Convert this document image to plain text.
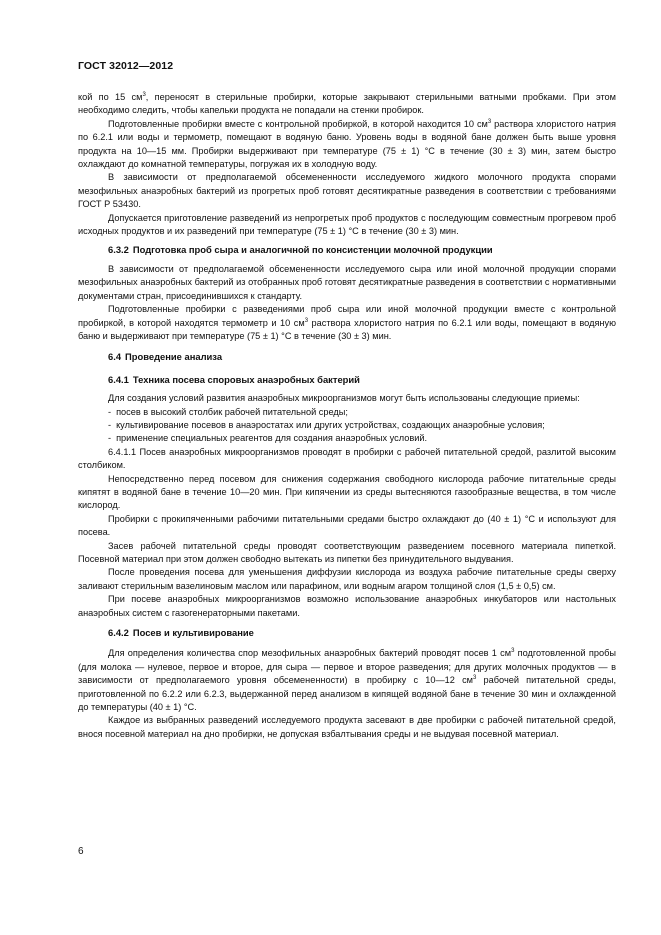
ГОСТ 32012—2012

кой по 15 $см^3$, переносят в стерильные пробирки, которые закрывают стерильными ватными пробками. При этом необходимо следить, чтобы капельки продукта не попадали на стенки пробирок.

Подготовленные пробирки вместе с контрольной пробиркой, в которой находится 10 $см^3$ раствора хлористого натрия по 6.2.1 или воды и термометр, помещают в водяную баню. Уровень воды в водяной бане должен быть выше уровня продукта на 10—15 мм. Пробирки выдерживают при температуре (75 ± 1) °С в течение (30 ± 3) мин, затем быстро охлаждают до комнатной температуры, погружая их в холодную воду.

В зависимости от предполагаемой обсемененности исследуемого жидкого молочного продукта спорами мезофильных анаэробных бактерий из прогретых проб готовят десятикратные разведения в соответствии с требованиями ГОСТ Р 53430.

Допускается приготовление разведений из непрогретых проб продуктов с последующим совместным прогревом проб исходных продуктов и их разведений при температуре (75 ± 1) °С в течение (30 ± 3) мин.

6.3.2 Подготовка проб сыра и аналогичной по консистенции молочной продукции

В зависимости от предполагаемой обсемененности исследуемого сыра или иной молочной продукции спорами мезофильных анаэробных бактерий из отобранных проб готовят десятикратные разведения в соответствии с нормативными документами стран, присоединившихся к стандарту.

Подготовленные пробирки с разведениями проб сыра или иной молочной продукции вместе с контрольной пробиркой, в которой находятся термометр и 10 $см^3$ раствора хлористого натрия по 6.2.1 или воды, помещают в водяную баню и выдерживают при температуре (75 ± 1) °С в течение (30 ± 3) мин.

6.4 Проведение анализа
6.4.1 Техника посева споровых анаэробных бактерий

Для создания условий развития анаэробных микроорганизмов могут быть использованы следующие приемы:

- посев в высокий столбик рабочей питательной среды;

- культивирование посевов в анаэростатах или других устройствах, создающих анаэробные условия;

- применение специальных реагентов для создания анаэробных условий.

6.4.1.1 Посев анаэробных микроорганизмов проводят в пробирки с рабочей питательной средой, разлитой высоким столбиком.

Непосредственно перед посевом для снижения содержания свободного кислорода рабочие питательные среды кипятят в водяной бане в течение 10—20 мин. При кипячении из среды вытесняются газообразные вещества, в том числе кислород.

Пробирки с прокипяченными рабочими питательными средами быстро охлаждают до (40 ± 1) °С и используют для посева.

Засев рабочей питательной среды проводят соответствующим разведением посевного материала пипеткой. Посевной материал при этом должен свободно вытекать из пипетки без принудительного выдувания.

После проведения посева для уменьшения диффузии кислорода из воздуха рабочие питательные среды сверху заливают стерильным вазелиновым маслом или парафином, или водным агаром толщиной слоя (1,5 ± 0,5) см.

При посеве анаэробных микроорганизмов возможно использование анаэробных инкубаторов или настольных анаэробных систем с газогенераторными пакетами.

6.4.2 Посев и культивирование

Для определения количества спор мезофильных анаэробных бактерий проводят посев 1 $см^3$ подготовленной пробы (для молока — нулевое, первое и второе, для сыра — первое и второе разведения; для других молочных продуктов — в зависимости от предполагаемого уровня обсемененности) в пробирку с 10—12 $см^3$ рабочей питательной среды, приготовленной по 6.2.2 или 6.2.3, выдержанной перед анализом в кипящей водяной бане в течение 30 мин и охлажденной до температуры (40 ± 1) °С.

Каждое из выбранных разведений исследуемого продукта засевают в две пробирки с рабочей питательной средой, внося посевной материал на дно пробирки, не допуская взбалтывания среды и не выдувая посевной материал.

6
